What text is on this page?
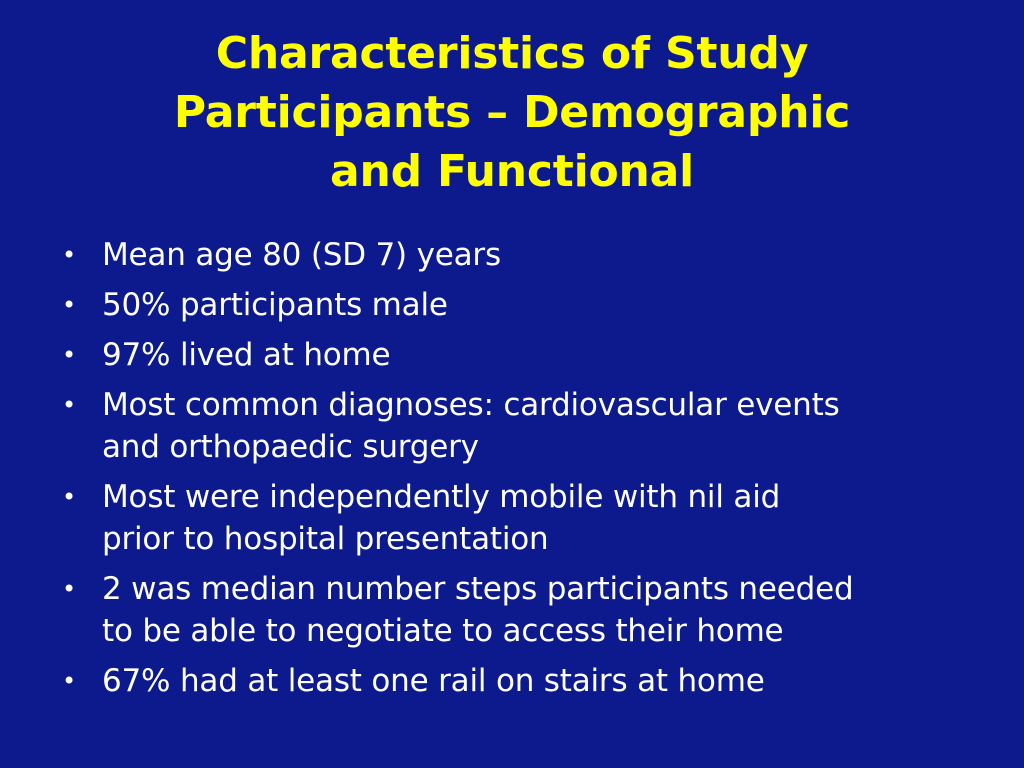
Characteristics of Study
Participants – Demographic
and Functional
• Mean age 80 (SD 7) years
• 50% participants male
• 97% lived at home
• Most common diagnoses: cardiovascular events
and orthopaedic surgery
• Most were independently mobile with nil aid
prior to hospital presentation
• 2 was median number steps participants needed
to be able to negotiate to access their home
• 67% had at least one rail on stairs at home
